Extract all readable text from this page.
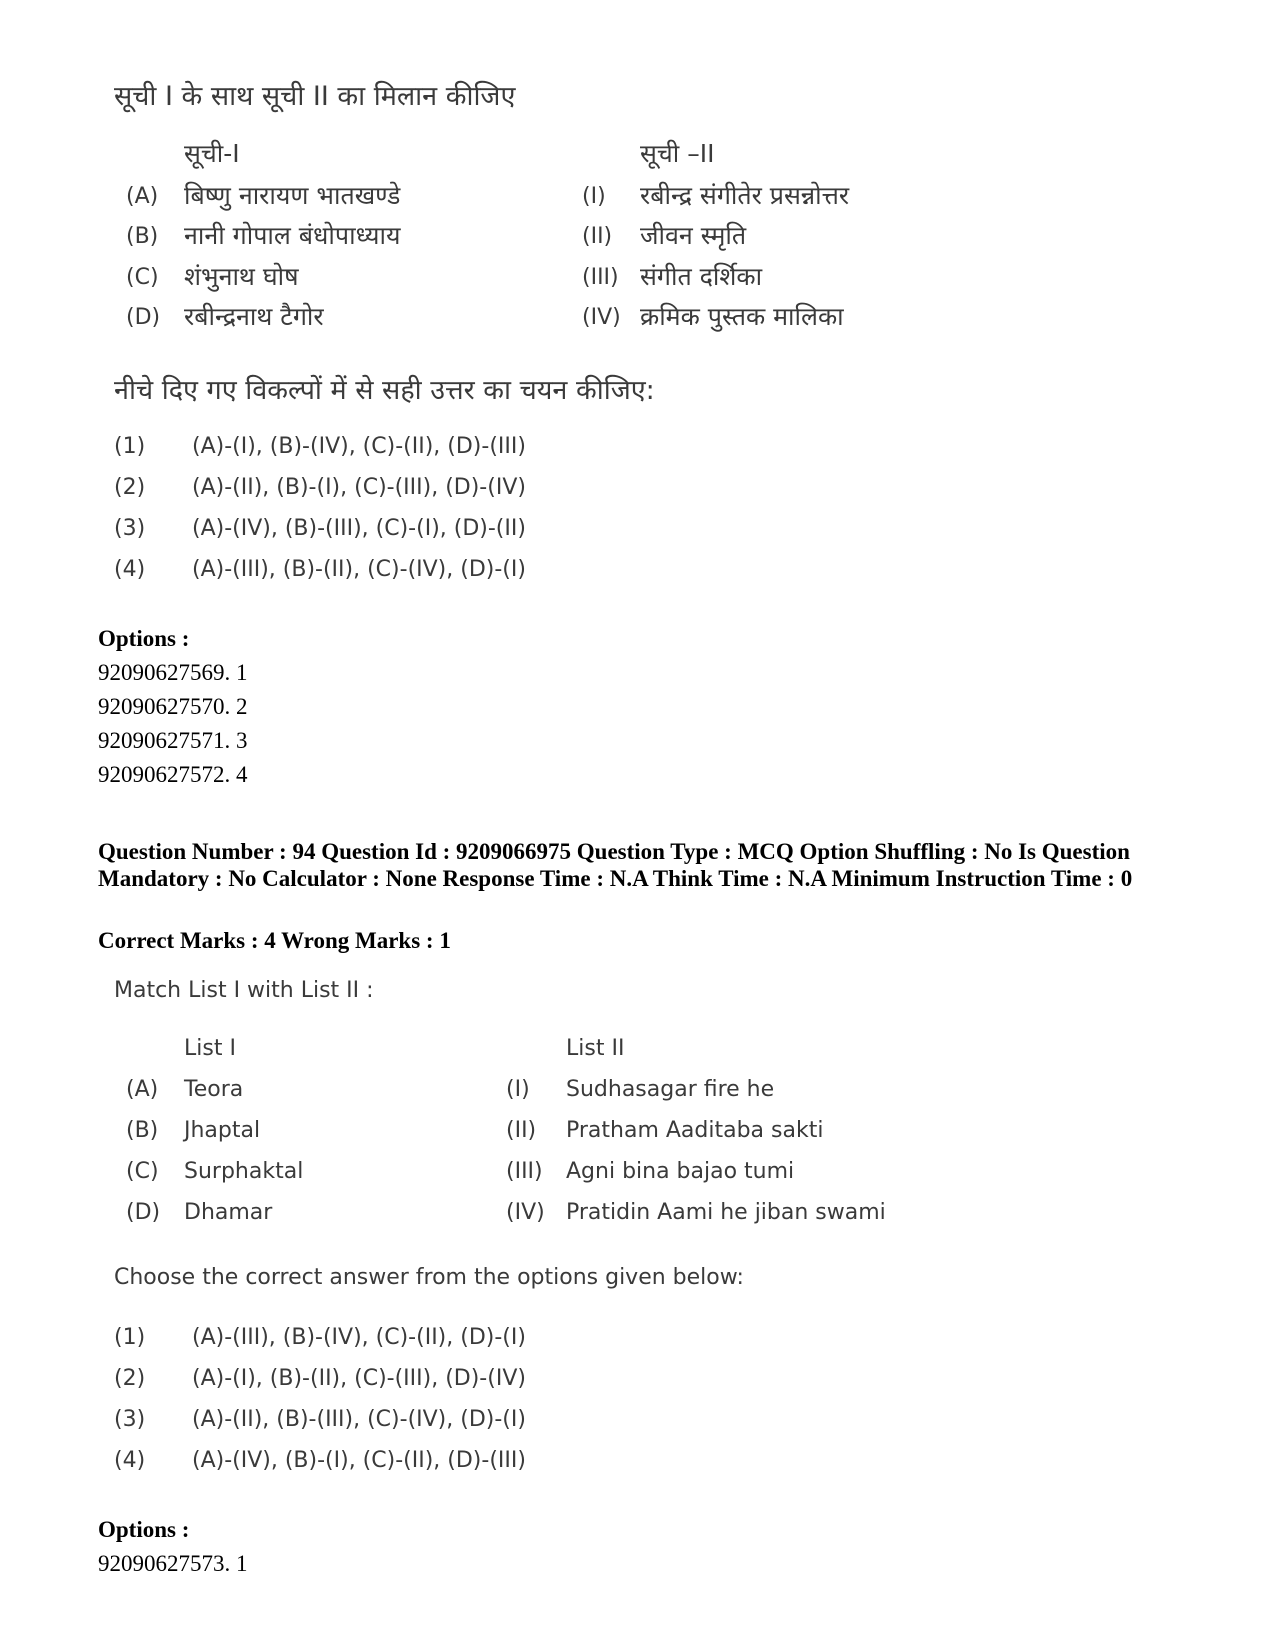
सूची I के साथ सूची II का मिलान कीजिए
सूची-I	सूची –II
(A) बिष्णु नारायण भातखण्डे
(B) नानी गोपाल बंधोपाध्याय
(C) शंभुनाथ घोष
(D) रबीन्द्रनाथ टैगोर
(I) रबीन्द्र संगीतेर प्रसन्नोत्तर
(II) जीवन स्मृति
(III) संगीत दर्शिका
(IV) क्रमिक पुस्तक मालिका
नीचे दिए गए विकल्पों में से सही उत्तर का चयन कीजिए:
(1) (A)-(I), (B)-(IV), (C)-(II), (D)-(III)
(2) (A)-(II), (B)-(I), (C)-(III), (D)-(IV)
(3) (A)-(IV), (B)-(III), (C)-(I), (D)-(II)
(4) (A)-(III), (B)-(II), (C)-(IV), (D)-(I)
Options :
92090627569. 1
92090627570. 2
92090627571. 3
92090627572. 4
Question Number : 94 Question Id : 9209066975 Question Type : MCQ Option Shuffling : No Is Question Mandatory : No Calculator : None Response Time : N.A Think Time : N.A Minimum Instruction Time : 0
Correct Marks : 4 Wrong Marks : 1
Match List I with List II :
List I	List II
(A) Teora
(B) Jhaptal
(C) Surphaktal
(D) Dhamar
(I) Sudhasagar fire he
(II) Pratham Aaditaba sakti
(III) Agni bina bajao tumi
(IV) Pratidin Aami he jiban swami
Choose the correct answer from the options given below:
(1) (A)-(III), (B)-(IV), (C)-(II), (D)-(I)
(2) (A)-(I), (B)-(II), (C)-(III), (D)-(IV)
(3) (A)-(II), (B)-(III), (C)-(IV), (D)-(I)
(4) (A)-(IV), (B)-(I), (C)-(II), (D)-(III)
Options :
92090627573. 1
